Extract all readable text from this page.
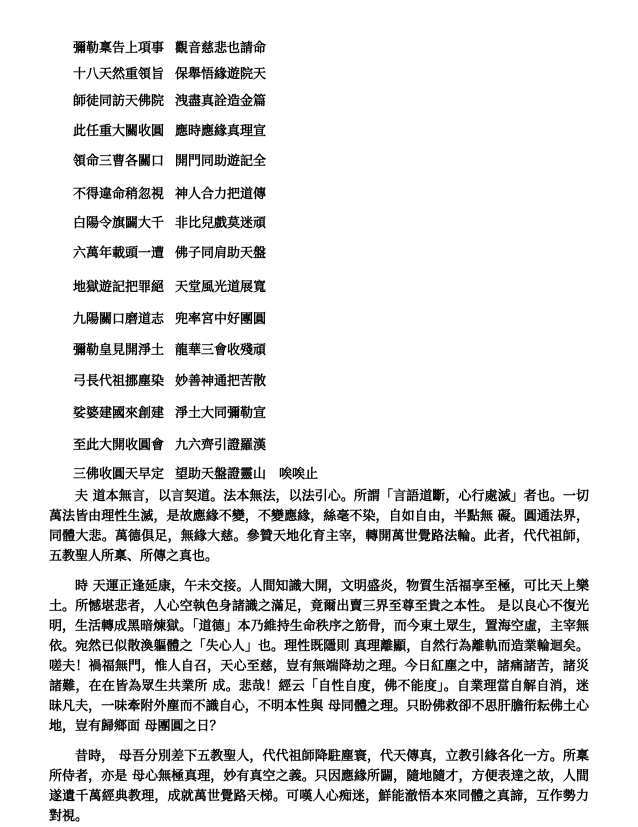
彌勒稟告上項事 觀音慈悲也請命
十八天然重領旨 保舉悟緣遊院天
師徒同訪天佛院 洩盡真詮造金篇
此任重大關收圓 應時應緣真理宣
領命三曹各關口 開門同助遊記全
不得違命稍忽視 神人合力把道傳
白陽令旗闢大千 非比兒戲莫迷頑
六萬年載頭一遭 佛子同肩助天盤
地獄遊記把罪絕 天堂風光道展寬
九陽關口磨道志 兜率宮中好團圓
彌勒皇見開淨土 龍華三會收殘頑
弓長代祖挪塵染 妙善神通把苦散
娑婆建國來創建 淨土大同彌勒宣
至此大開收圓會 九六齊引證羅漢
三佛收圓天早定 望助天盤證靈山　唉唉止

夫 道本無言，以言契道。法本無法，以法引心。所謂「言語道斷，心行處滅」者也。一切萬法皆由理性生滅，是故應緣不變，不變應緣，絲毫不染，自如自由，半點無 礙。圓通法界，同體大悲。萬德俱足，無緣大慈。參贊天地化育主宰，轉開萬世覺路法輪。此者，代代祖師，五教聖人所稟、所傳之真也。

時 天運正逢延康，午未交接。人間知識大開，文明盛炎，物質生活福享至極，可比天上樂土。所憾堪悲者，人心空執色身諸識之滿足，竟爾出賣三界至尊至貴之本性。 是以良心不復光明，生活轉成黑暗煉獄。「道德」本乃維持生命秩序之筋骨，而今東土眾生，置海空虛，主宰無依。宛然已似散渙軀體之「失心人」也。理性既隱則 真理離顯，自然行為離軌而造業輪迴矣。嗟夫！禍福無門，惟人自召，天心至慈，豈有無端降劫之理。今日紅塵之中，諸痛諸苦，諸災諸難，在在皆為眾生共業所 成。悲哉！經云「自性自度，佛不能度」。自業理當自解自消，迷昧凡夫，一味牽附外塵而不識自心，不明本性與 母同體之理。只盼佛救卻不思肝膽衎耘佛土心地，豈有歸鄉面 母團圓之日？

昔時， 母吾分別差下五教聖人，代代祖師降駐塵寰，代天傳真，立教引緣各化一方。所稟所侍者，亦是 母心無極真理，妙有真空之義。只因應緣所闢，隨地隨才，方便表達之故，人間遂遺千萬經典教理，成就萬世覺路天梯。可嘆人心痴迷，鮮能澈悟本來同體之真諦，互作勢力對視。
